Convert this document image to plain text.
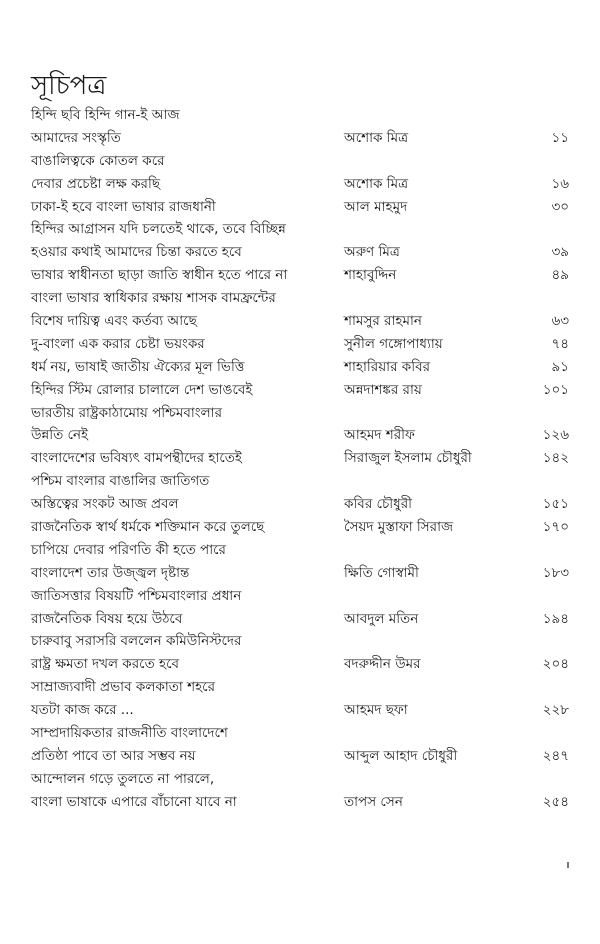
সূচিপত্র
হিন্দি ছবি হিন্দি গান-ই আজ
আমাদের সংস্কৃতি	অশোক মিত্র	১১
বাঙালিত্বকে কোতল করে
দেবার প্রচেষ্টা লক্ষ করছি	অশোক মিত্র	১৬
ঢাকা-ই হবে বাংলা ভাষার রাজধানী	আল মাহমুদ	৩০
হিন্দির আগ্রাসন যদি চলতেই থাকে, তবে বিচ্ছিন্ন
হওয়ার কথাই আমাদের চিন্তা করতে হবে	অরুণ মিত্র	৩৯
ভাষার স্বাধীনতা ছাড়া জাতি স্বাধীন হতে পারে না	শাহাবুদ্দিন	৪৯
বাংলা ভাষার স্বাধিকার রক্ষায় শাসক বামফ্রন্টের
বিশেষ দায়িত্ব এবং কর্তব্য আছে	শামসুর রাহমান	৬৩
দু-বাংলা এক করার চেষ্টা ভয়ংকর	সুনীল গঙ্গোপাধ্যায়	৭৪
ধর্ম নয়, ভাষাই জাতীয় ঐক্যের মূল ভিত্তি	শাহারিয়ার কবির	৯১
হিন্দির স্টিম রোলার চালালে দেশ ভাঙবেই	অন্নদাশঙ্কর রায়	১০১
ভারতীয় রাষ্ট্রকাঠামোয় পশ্চিমবাংলার
উন্নতি নেই	আহমদ শরীফ	১২৬
বাংলাদেশের ভবিষ্যৎ বামপন্থীদের হাতেই	সিরাজুল ইসলাম চৌধুরী	১৪২
পশ্চিম বাংলার বাঙালির জাতিগত
অস্তিত্বের সংকট আজ প্রবল	কবির চৌধুরী	১৫১
রাজনৈতিক স্বার্থ ধর্মকে শক্তিমান করে তুলছে	সৈয়দ মুস্তাফা সিরাজ	১৭০
চাপিয়ে দেবার পরিণতি কী হতে পারে
বাংলাদেশ তার উজ্জ্বল দৃষ্টান্ত	ক্ষিতি গোস্বামী	১৮৩
জাতিসত্তার বিষয়টি পশ্চিমবাংলার প্রধান
রাজনৈতিক বিষয় হয়ে উঠবে	আবদুল মতিন	১৯৪
চারুবাবু সরাসরি বললেন কমিউনিস্টদের
রাষ্ট্র ক্ষমতা দখল করতে হবে	বদরুদ্দীন উমর	২০৪
সাম্রাজ্যবাদী প্রভাব কলকাতা শহরে
যতটা কাজ করে ...	আহমদ ছফা	২২৮
সাম্প্রদায়িকতার রাজনীতি বাংলাদেশে
প্রতিষ্ঠা পাবে তা আর সম্ভব নয়	আব্দুল আহাদ চৌধুরী	২৪৭
আন্দোলন গড়ে তুলতে না পারলে,
বাংলা ভাষাকে এপারে বাঁচানো যাবে না	তাপস সেন	২৫৪
